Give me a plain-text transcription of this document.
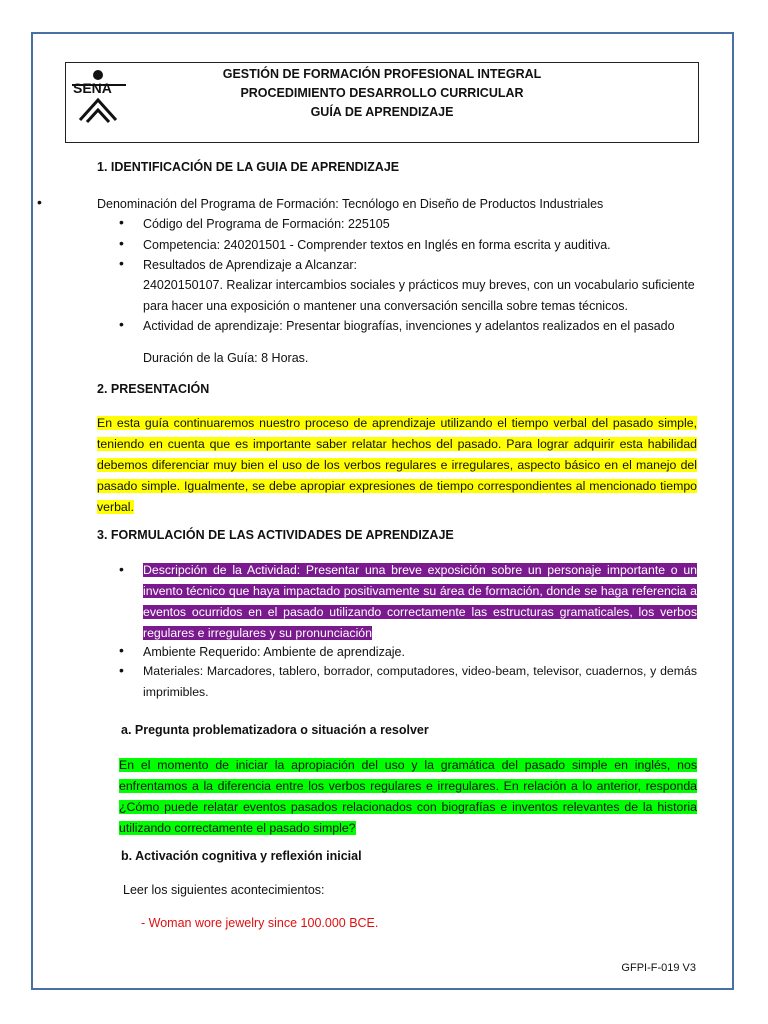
SENA
GESTIÓN DE FORMACIÓN PROFESIONAL INTEGRAL
PROCEDIMIENTO DESARROLLO CURRICULAR
GUÍA DE APRENDIZAJE
1. IDENTIFICACIÓN DE LA GUIA DE APRENDIZAJE
•	Denominación del Programa de Formación: Tecnólogo en Diseño de Productos Industriales
• Código del Programa de Formación: 225105
• Competencia: 240201501 - Comprender textos en Inglés en forma escrita y auditiva.
• Resultados de Aprendizaje a Alcanzar:
24020150107. Realizar intercambios sociales y prácticos muy breves, con un vocabulario suficiente
para hacer una exposición o mantener una conversación sencilla sobre temas técnicos.
• Actividad de aprendizaje: Presentar biografías, invenciones y adelantos realizados en el pasado
Duración de la Guía: 8 Horas.
2. PRESENTACIÓN
En esta guía continuaremos nuestro proceso de aprendizaje utilizando el tiempo verbal del pasado simple, teniendo en cuenta que es importante saber relatar hechos del pasado. Para lograr adquirir esta habilidad debemos diferenciar muy bien el uso de los verbos regulares e irregulares, aspecto básico en el manejo del pasado simple. Igualmente, se debe apropiar expresiones de tiempo correspondientes al mencionado tiempo verbal.
3. FORMULACIÓN DE LAS ACTIVIDADES DE APRENDIZAJE
• Descripción de la Actividad: Presentar una breve exposición sobre un personaje importante o un invento técnico que haya impactado positivamente su área de formación, donde se haga referencia a eventos ocurridos en el pasado utilizando correctamente las estructuras gramaticales, los verbos regulares e irregulares y su pronunciación
• Ambiente Requerido: Ambiente de aprendizaje.
• Materiales: Marcadores, tablero, borrador, computadores, video-beam, televisor, cuadernos, y demás imprimibles.
a. Pregunta problematizadora o situación a resolver
En el momento de iniciar la apropiación del uso y la gramática del pasado simple en inglés, nos enfrentamos a la diferencia entre los verbos regulares e irregulares. En relación a lo anterior, responda ¿Cómo puede relatar eventos pasados relacionados con biografías e inventos relevantes de la historia utilizando correctamente el pasado simple?
b. Activación cognitiva y reflexión inicial
Leer los siguientes acontecimientos:
- Woman wore jewelry since 100.000 BCE.
GFPI-F-019 V3
